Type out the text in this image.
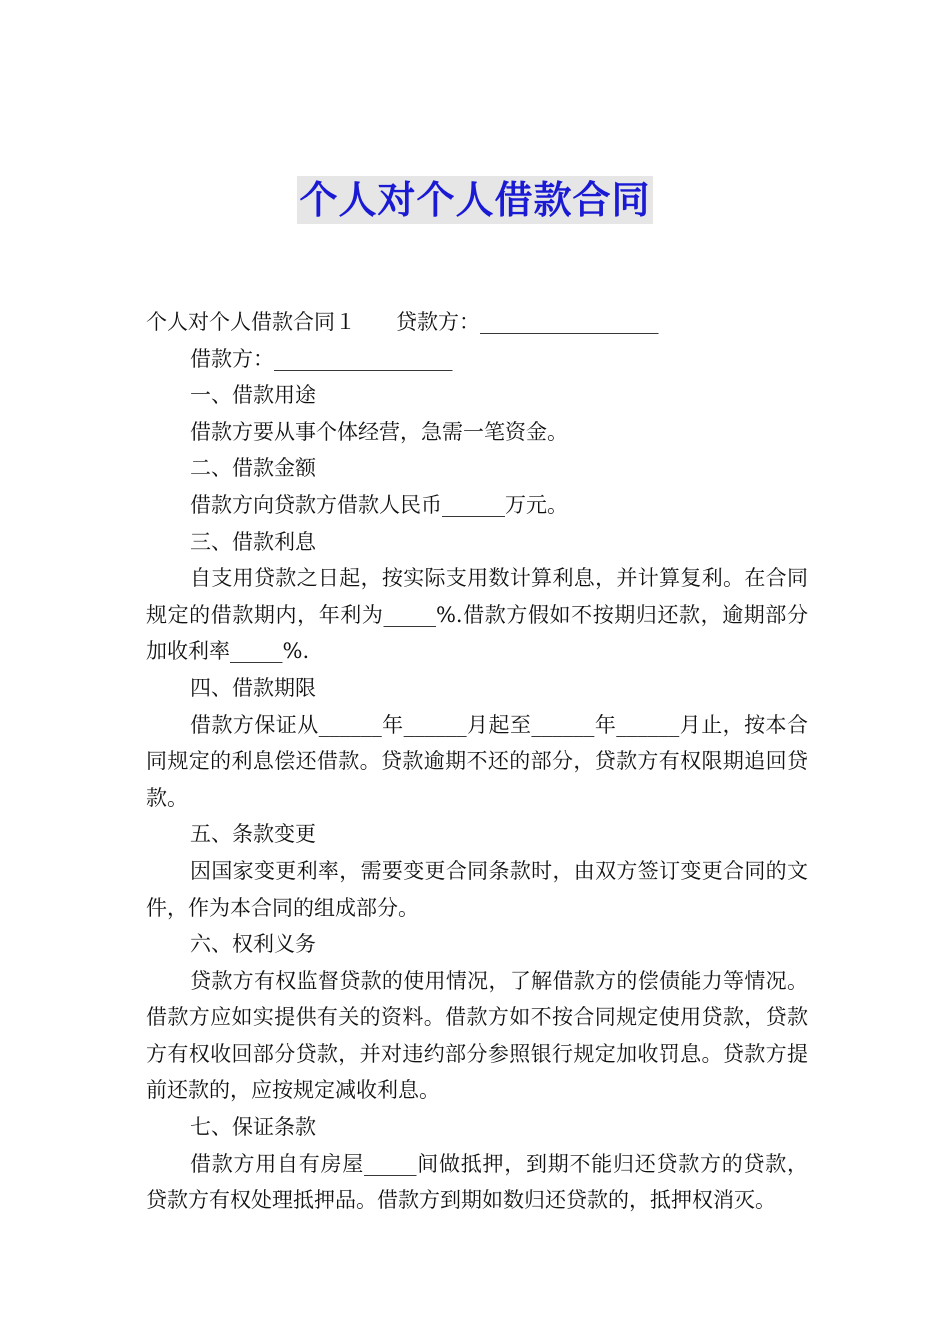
个人对个人借款合同

个人对个人借款合同１ 贷款方：_________________

借款方：_________________

一、借款用途

借款方要从事个体经营，急需一笔资金。

二、借款金额

借款方向贷款方借款人民币______万元。

三、借款利息

自支用贷款之日起，按实际支用数计算利息，并计算复利。在合同规定的借款期内，年利为_____%.借款方假如不按期归还款，逾期部分加收利率_____%.

四、借款期限

借款方保证从______年______月起至______年______月止，按本合同规定的利息偿还借款。贷款逾期不还的部分，贷款方有权限期追回贷款。

五、条款变更

因国家变更利率，需要变更合同条款时，由双方签订变更合同的文件，作为本合同的组成部分。

六、权利义务

贷款方有权监督贷款的使用情况，了解借款方的偿债能力等情况。借款方应如实提供有关的资料。借款方如不按合同规定使用贷款，贷款方有权收回部分贷款，并对违约部分参照银行规定加收罚息。贷款方提前还款的，应按规定减收利息。

七、保证条款

借款方用自有房屋_____间做抵押，到期不能归还贷款方的贷款，贷款方有权处理抵押品。借款方到期如数归还贷款的，抵押权消灭。
